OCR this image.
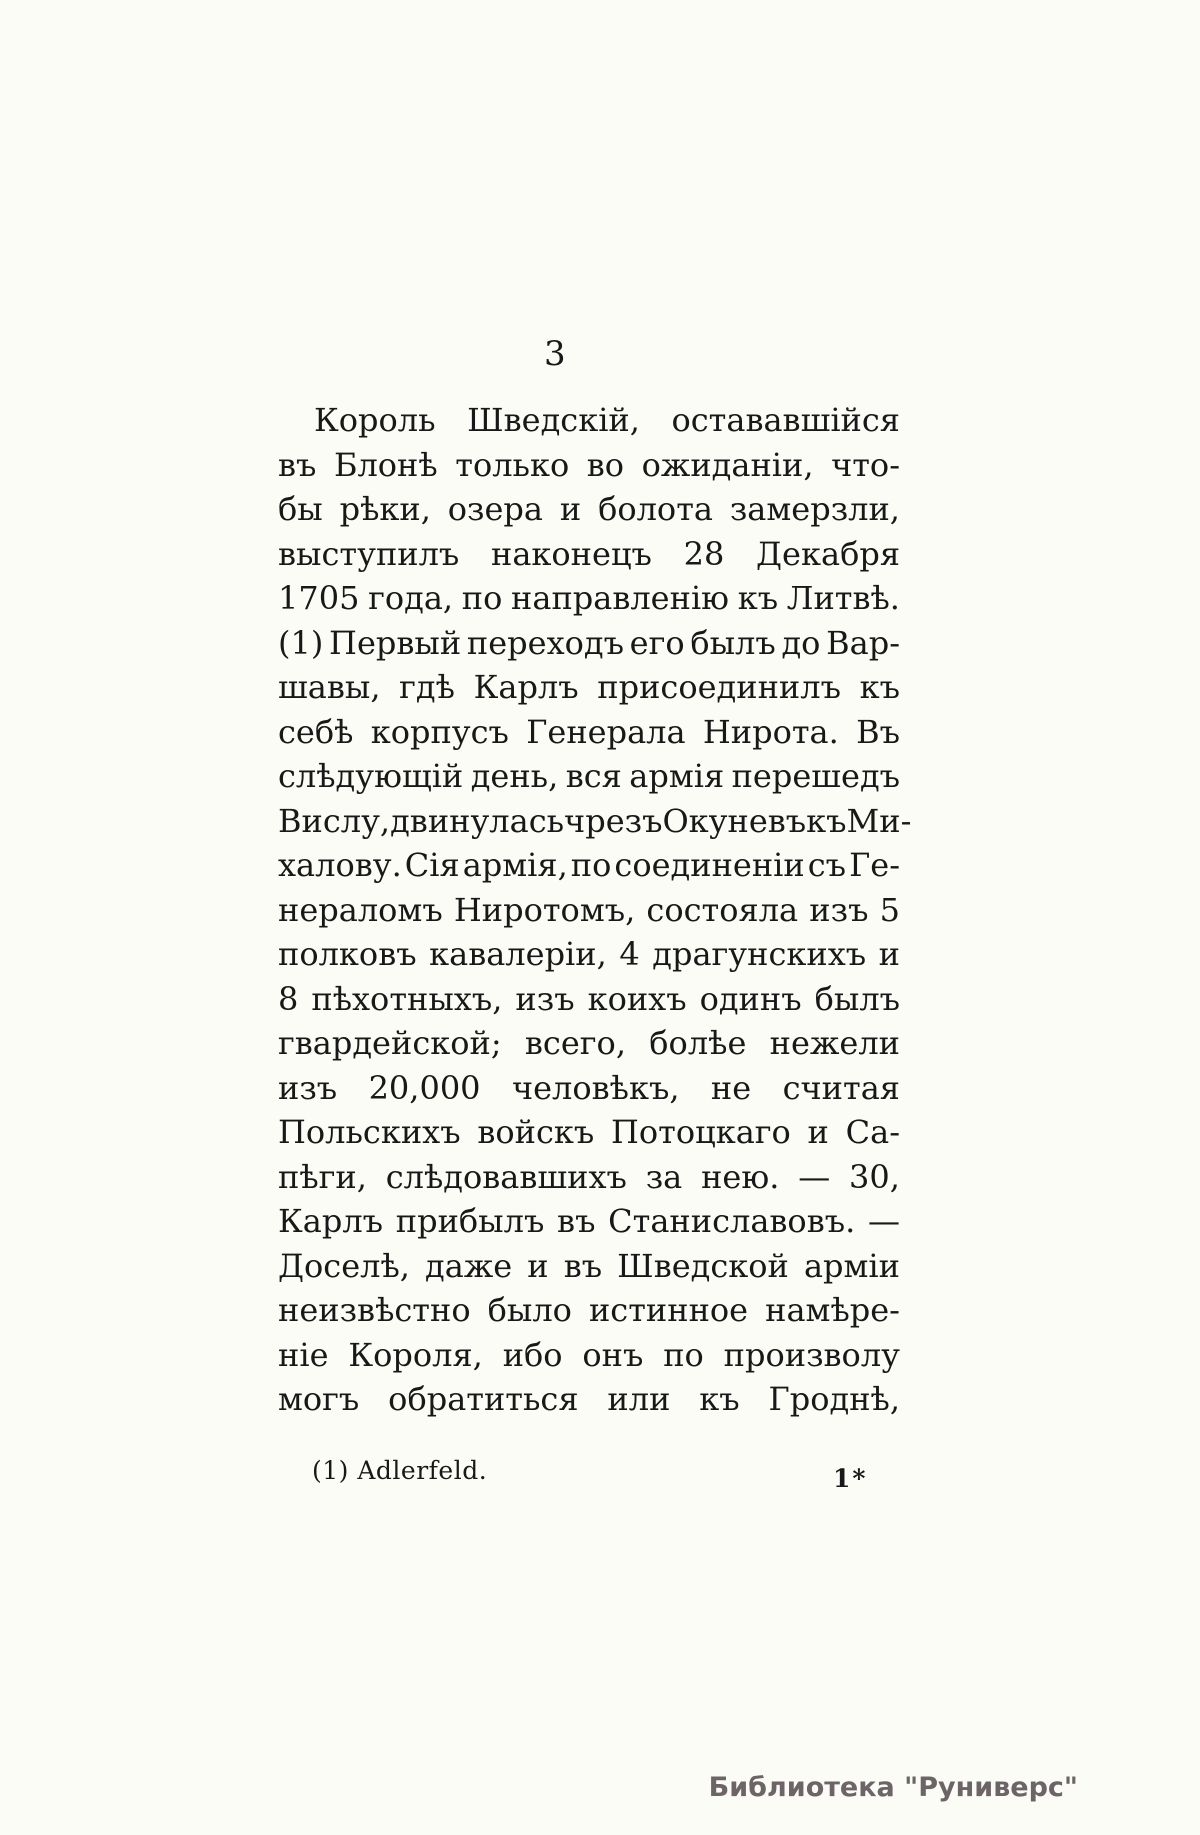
3
Король Шведскій, остававшійся
въ Блонѣ только во ожиданіи, что-
бы рѣки, озера и болота замерзли,
выступилъ наконецъ 28 Декабря
1705 года, по направленію къ Литвѣ.
(1) Первый переходъ его былъ до Вар-
шавы, гдѣ Карлъ присоединилъ къ
себѣ корпусъ Генерала Нирота. Въ
слѣдующій день, вся армія перешедъ
Вислу, двинулась чрезъ Окуневъ къ Ми-
халову. Сія армія, по соединеніи съ Ге-
нераломъ Ниротомъ, состояла изъ 5
полковъ кавалеріи, 4 драгунскихъ и
8 пѣхотныхъ, изъ коихъ одинъ былъ
гвардейской; всего, болѣе нежели
изъ 20,000 человѣкъ, не считая
Польскихъ войскъ Потоцкаго и Са-
пѣги, слѣдовавшихъ за нею. — 30,
Карлъ прибылъ въ Станиславовъ. —
Доселѣ, даже и въ Шведской арміи
неизвѣстно было истинное намѣре-
ніе Короля, ибо онъ по произволу
могъ обратиться или къ Гроднѣ,
(1) Adlerfeld.	1*
Библиотека "Руниверс"
